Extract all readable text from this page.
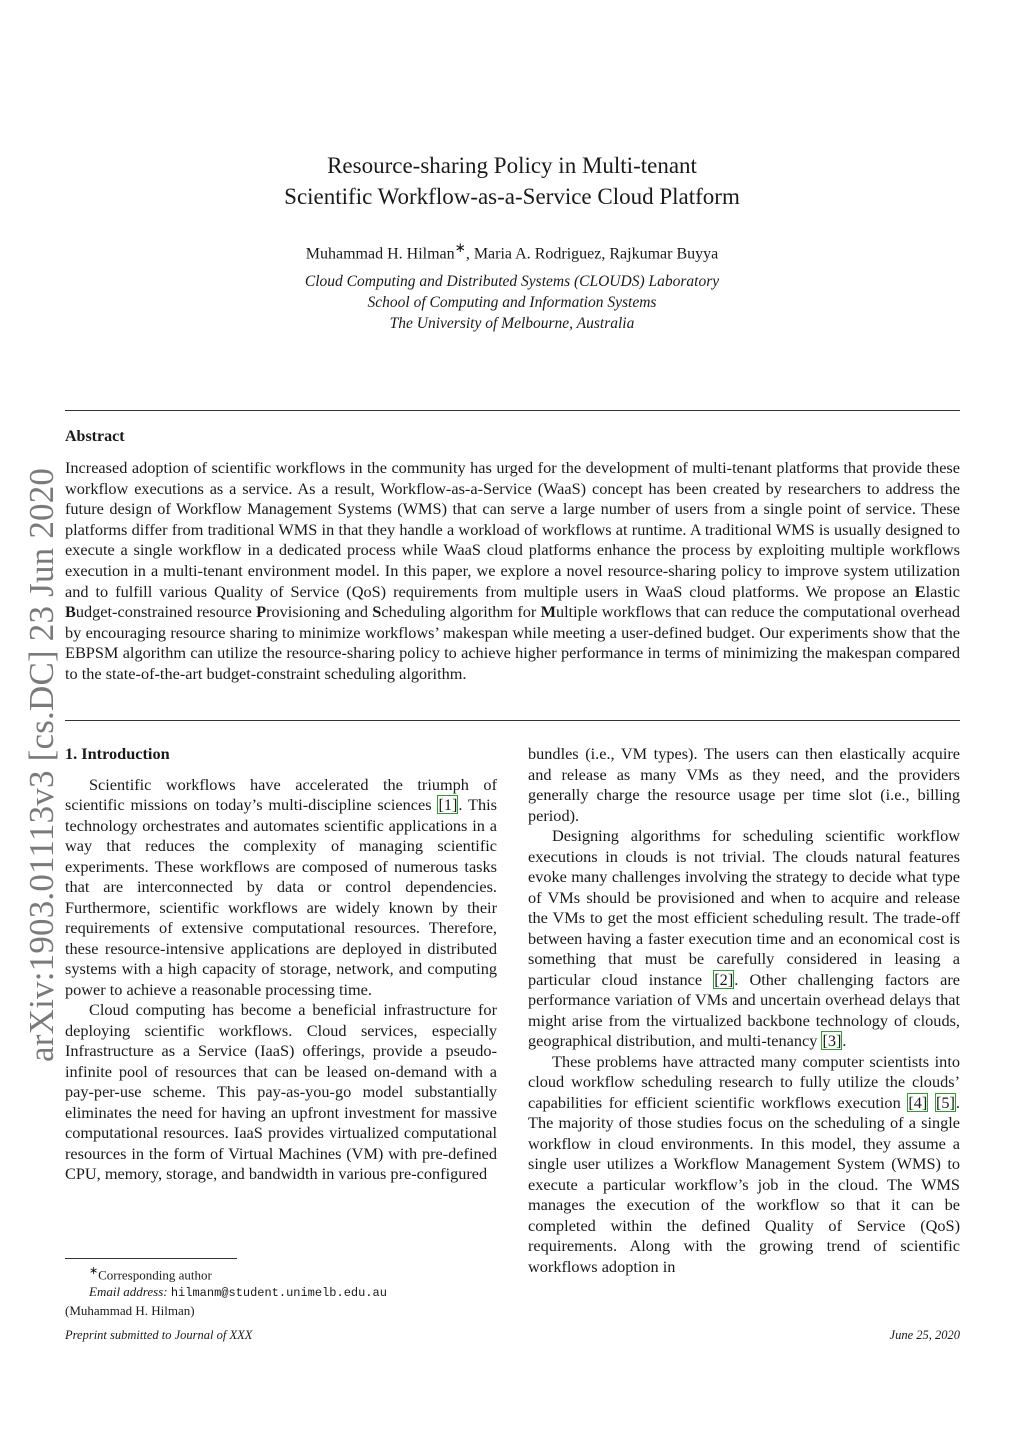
arXiv:1903.01113v3 [cs.DC] 23 Jun 2020
Resource-sharing Policy in Multi-tenant
Scientific Workflow-as-a-Service Cloud Platform
Muhammad H. Hilman∗, Maria A. Rodriguez, Rajkumar Buyya
Cloud Computing and Distributed Systems (CLOUDS) Laboratory
School of Computing and Information Systems
The University of Melbourne, Australia
Abstract
Increased adoption of scientific workflows in the community has urged for the development of multi-tenant platforms that provide these workflow executions as a service. As a result, Workflow-as-a-Service (WaaS) concept has been created by researchers to address the future design of Workflow Management Systems (WMS) that can serve a large number of users from a single point of service. These platforms differ from traditional WMS in that they handle a workload of workflows at runtime. A traditional WMS is usually designed to execute a single workflow in a dedicated process while WaaS cloud platforms enhance the process by exploiting multiple workflows execution in a multi-tenant environment model. In this paper, we explore a novel resource-sharing policy to improve system utilization and to fulfill various Quality of Service (QoS) requirements from multiple users in WaaS cloud platforms. We propose an Elastic Budget-constrained resource Provisioning and Scheduling algorithm for Multiple workflows that can reduce the computational overhead by encouraging resource sharing to minimize workflows’ makespan while meeting a user-defined budget. Our experiments show that the EBPSM algorithm can utilize the resource-sharing policy to achieve higher performance in terms of minimizing the makespan compared to the state-of-the-art budget-constraint scheduling algorithm.
1. Introduction

Scientific workflows have accelerated the triumph of scientific missions on today’s multi-discipline sciences [1]. This technology orchestrates and automates scientific applications in a way that reduces the complexity of managing scientific experiments. These workflows are composed of numerous tasks that are interconnected by data or control dependencies. Furthermore, scientific workflows are widely known by their requirements of extensive computational resources. Therefore, these resource-intensive applications are deployed in distributed systems with a high capacity of storage, network, and computing power to achieve a reasonable processing time.

Cloud computing has become a beneficial infrastructure for deploying scientific workflows. Cloud services, especially Infrastructure as a Service (IaaS) offerings, provide a pseudo-infinite pool of resources that can be leased on-demand with a pay-per-use scheme. This pay-as-you-go model substantially eliminates the need for having an upfront investment for massive computational resources. IaaS provides virtualized computational resources in the form of Virtual Machines (VM) with pre-defined CPU, memory, storage, and bandwidth in various pre-configured

bundles (i.e., VM types). The users can then elastically acquire and release as many VMs as they need, and the providers generally charge the resource usage per time slot (i.e., billing period).

Designing algorithms for scheduling scientific workflow executions in clouds is not trivial. The clouds natural features evoke many challenges involving the strategy to decide what type of VMs should be provisioned and when to acquire and release the VMs to get the most efficient scheduling result. The trade-off between having a faster execution time and an economical cost is something that must be carefully considered in leasing a particular cloud instance [2]. Other challenging factors are performance variation of VMs and uncertain overhead delays that might arise from the virtualized backbone technology of clouds, geographical distribution, and multi-tenancy [3].

These problems have attracted many computer scientists into cloud workflow scheduling research to fully utilize the clouds’ capabilities for efficient scientific workflows execution [4] [5]. The majority of those studies focus on the scheduling of a single workflow in cloud environments. In this model, they assume a single user utilizes a Workflow Management System (WMS) to execute a particular workflow’s job in the cloud. The WMS manages the execution of the workflow so that it can be completed within the defined Quality of Service (QoS) requirements. Along with the growing trend of scientific workflows adoption in

∗Corresponding author
Email address: hilmanm@student.unimelb.edu.au
(Muhammad H. Hilman)
Preprint submitted to Journal of XXX	June 25, 2020
